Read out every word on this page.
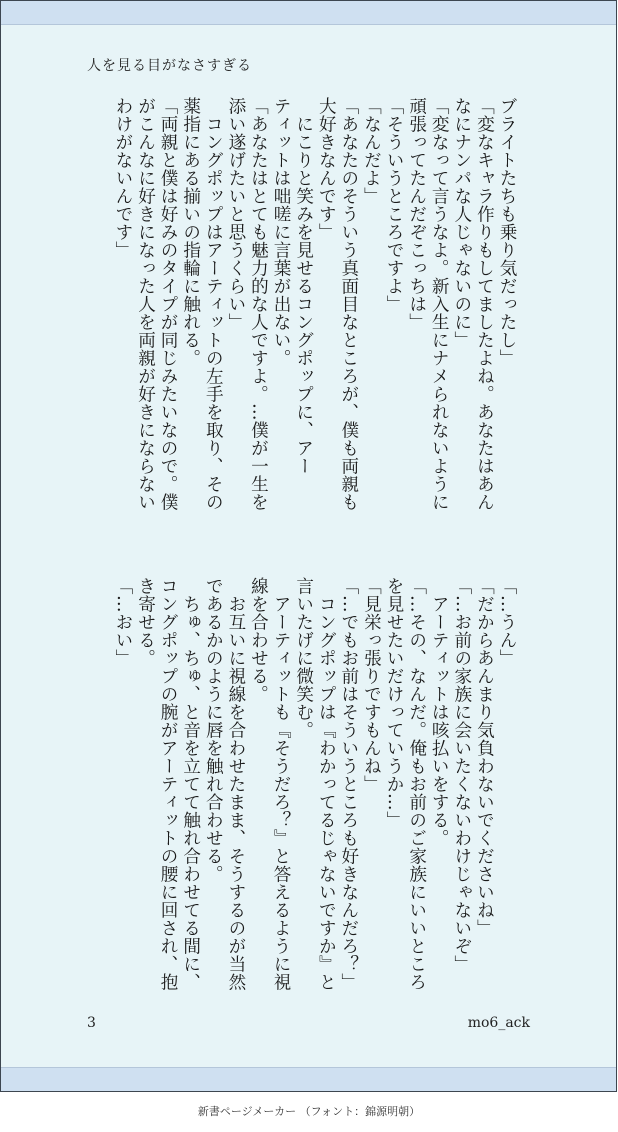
人を見る目がなさすぎる
ブライトたちも乗り気だったし」
「変なキャラ作りもしてましたよね。あなたはあん
なにナンパな人じゃないのに」
「変なって言うなよ。新入生にナメられないように
頑張ってたんだぞこっちは」
「そういうところですよ」
「なんだよ」
「あなたのそういう真面目なところが、僕も両親も
大好きなんです」
　にこりと笑みを見せるコングポップに、アー
ティットは咄嗟に言葉が出ない。
「あなたはとても魅力的な人ですよ。…僕が一生を
添い遂げたいと思うくらい」
　コングポップはアーティットの左手を取り、その
薬指にある揃いの指輪に触れる。
「両親と僕は好みのタイプが同じみたいなので。僕
がこんなに好きになった人を両親が好きにならない
わけがないんです」
「…うん」
「だからあんまり気負わないでくださいね」
「…お前の家族に会いたくないわけじゃないぞ」
　アーティットは咳払いをする。
「…その、なんだ。俺もお前のご家族にいいところ
を見せたいだけっていうか…」
「見栄っ張りですもんね」
「…でもお前はそういうところも好きなんだろ？」
　コングポップは『わかってるじゃないですか』と
言いたげに微笑む。
　アーティットも『そうだろ？』と答えるように視
線を合わせる。
　お互いに視線を合わせたまま、そうするのが当然
であるかのように唇を触れ合わせる。
　ちゅ、ちゅ、と音を立てて触れ合わせてる間に、
コングポップの腕がアーティットの腰に回され、抱
き寄せる。
「…おい」
3	mo6_ack
新書ページメーカー （フォント：錦源明朝）
